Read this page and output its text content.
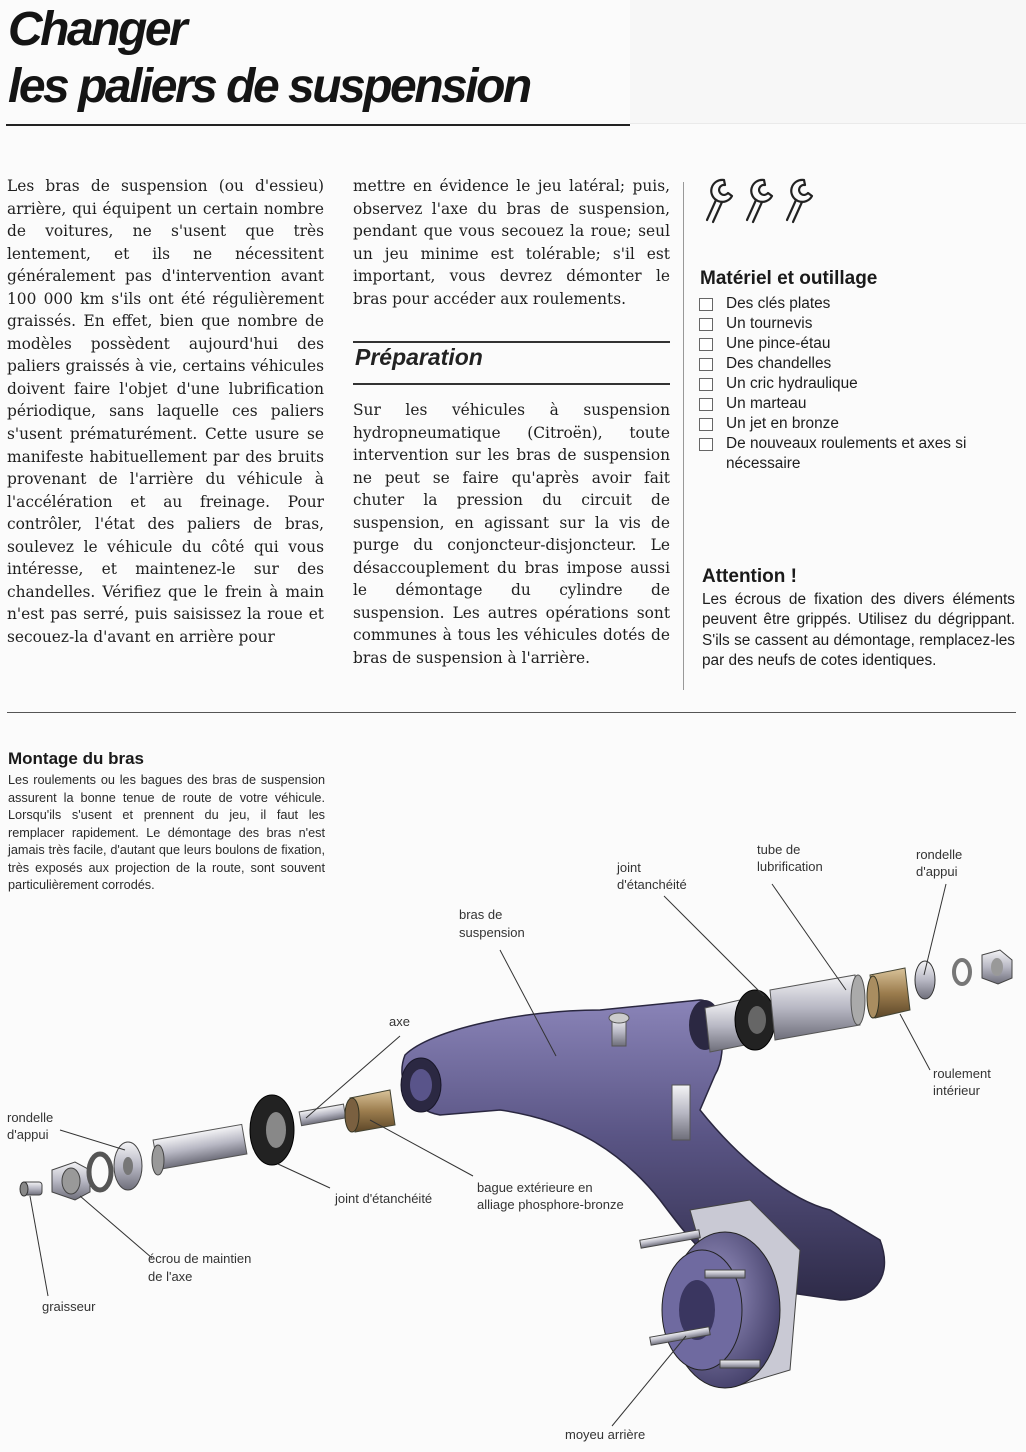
Changer

les paliers de suspension

Les bras de suspension (ou d'essieu) arrière, qui équipent un certain nombre de voitures, ne s'usent que très lentement, et ils ne nécessitent généralement pas d'intervention avant 100 000 km s'ils ont été régulièrement graissés. En effet, bien que nombre de modèles possèdent aujourd'hui des paliers graissés à vie, certains véhicules doivent faire l'objet d'une lubrification périodique, sans laquelle ces paliers s'usent prématurément. Cette usure se manifeste habituellement par des bruits provenant de l'arrière du véhicule à l'accélération et au freinage. Pour contrôler, l'état des paliers de bras, soulevez le véhicule du côté qui vous intéresse, et maintenez-le sur des chandelles. Vérifiez que le frein à main n'est pas serré, puis saisissez la roue et secouez-la d'avant en arrière pour
mettre en évidence le jeu latéral; puis, observez l'axe du bras de suspension, pendant que vous secouez la roue; seul un jeu minime est tolérable; s'il est important, vous devrez démonter le bras pour accéder aux roulements.
Préparation
Sur les véhicules à suspension hydropneumatique (Citroën), toute intervention sur les bras de suspension ne peut se faire qu'après avoir fait chuter la pression du circuit de suspension, en agissant sur la vis de purge du conjoncteur-disjoncteur. Le désaccouplement du bras impose aussi le démontage du cylindre de suspension. Les autres opérations sont communes à tous les véhicules dotés de bras de suspension à l'arrière.
Matériel et outillage
Des clés plates
Un tournevis
Une pince-étau
Des chandelles
Un cric hydraulique
Un marteau
Un jet en bronze
De nouveaux roulements et axes si nécessaire
Attention !
Les écrous de fixation des divers éléments peuvent être grippés. Utilisez du dégrippant. S'ils se cassent au démontage, remplacez-les par des neufs de cotes identiques.
Montage du bras
Les roulements ou les bagues des bras de suspension assurent la bonne tenue de route de votre véhicule. Lorsqu'ils s'usent et prennent du jeu, il faut les remplacer rapidement. Le démontage des bras n'est jamais très facile, d'autant que leurs boulons de fixation, très exposés aux projection de la route, sont souvent particulièrement corrodés.
joint
d'étanchéité
tube de
lubrification
rondelle
d'appui
bras de
suspension
axe
roulement
intérieur
rondelle
d'appui
joint d'étanchéité
bague extérieure en
alliage phosphore-bronze
écrou de maintien
de l'axe
graisseur
moyeu arrière
